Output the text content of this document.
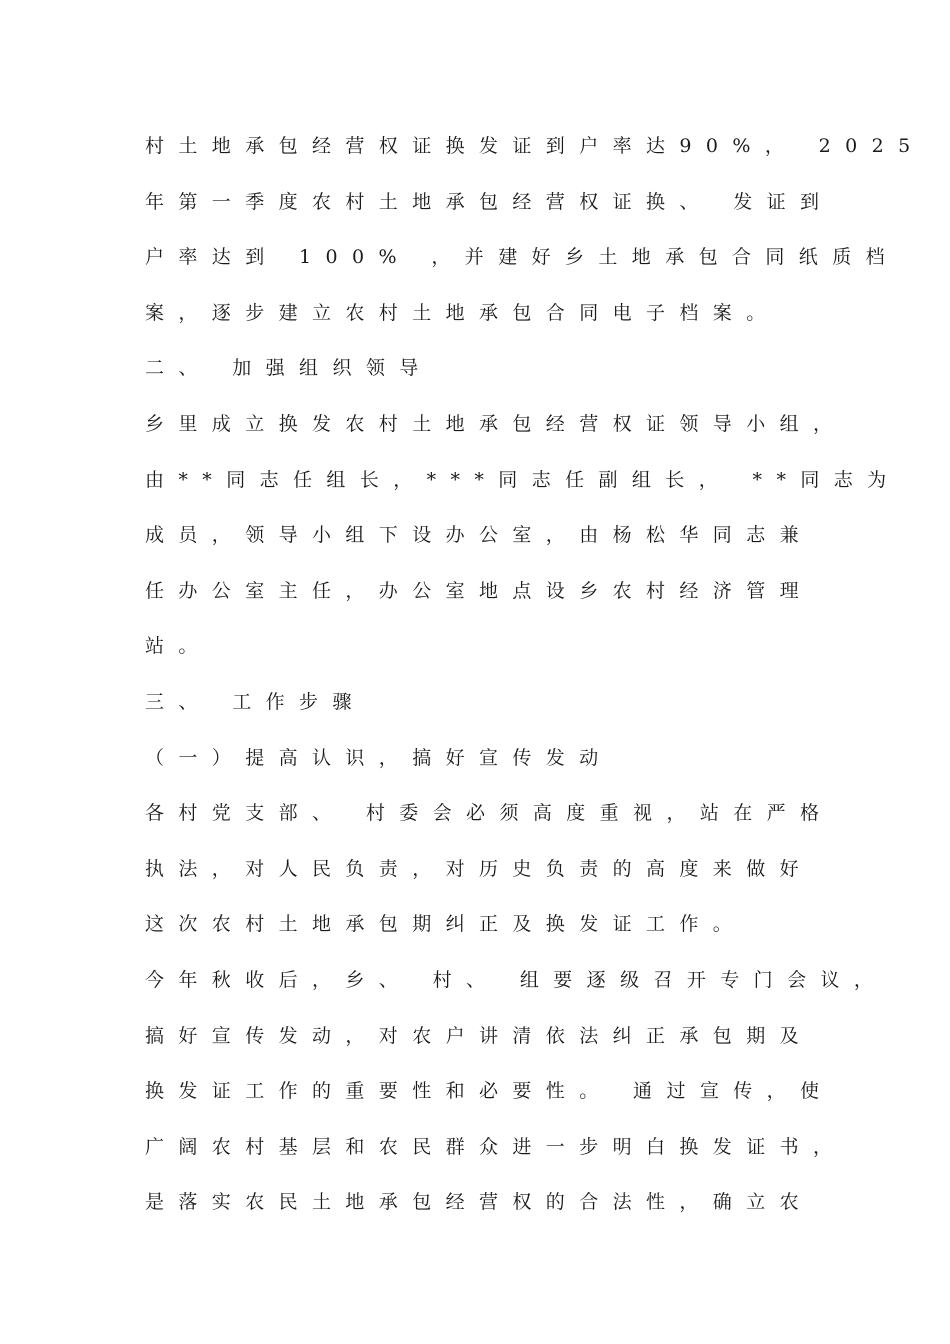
村土地承包经营权证换发证到户率达90%， 2025
年第一季度农村土地承包经营权证换、 发证到
户率达到 100% ，并建好乡土地承包合同纸质档
案，逐步建立农村土地承包合同电子档案。
二、 加强组织领导
乡里成立换发农村土地承包经营权证领导小组，
由**同志任组长，***同志任副组长， **同志为
成员，领导小组下设办公室，由杨松华同志兼
任办公室主任，办公室地点设乡农村经济管理
站。
三、 工作步骤
（一）提高认识，搞好宣传发动
各村党支部、 村委会必须高度重视，站在严格
执法，对人民负责，对历史负责的高度来做好
这次农村土地承包期纠正及换发证工作。
今年秋收后，乡、 村、 组要逐级召开专门会议，
搞好宣传发动，对农户讲清依法纠正承包期及
换发证工作的重要性和必要性。 通过宣传，使
广阔农村基层和农民群众进一步明白换发证书，
是落实农民土地承包经营权的合法性，确立农
